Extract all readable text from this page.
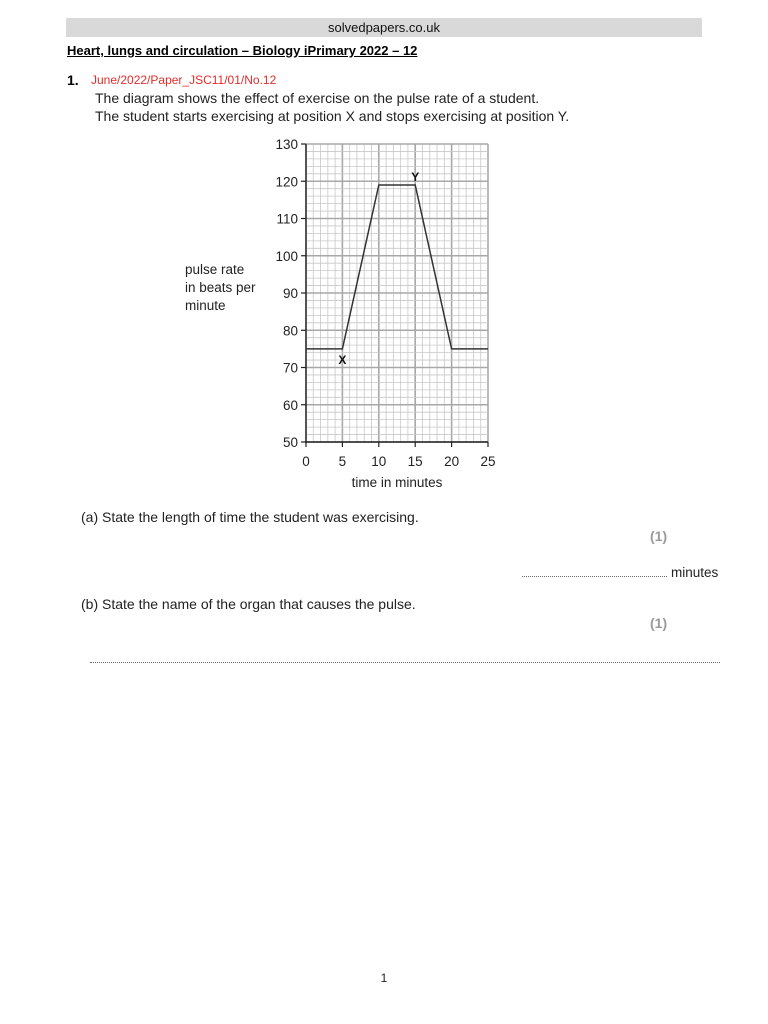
solvedpapers.co.uk
Heart, lungs and circulation – Biology iPrimary 2022 – 12
1. June/2022/Paper_JSC11/01/No.12
The diagram shows the effect of exercise on the pulse rate of a student.
The student starts exercising at position X and stops exercising at position Y.
pulse rate
in beats per
minute
50
60
70
80
90
100
110
120
130
0 5 10 15 20 25
time in minutes
X
Y
(a) State the length of time the student was exercising.
(1)
minutes
(b) State the name of the organ that causes the pulse.
(1)
1
